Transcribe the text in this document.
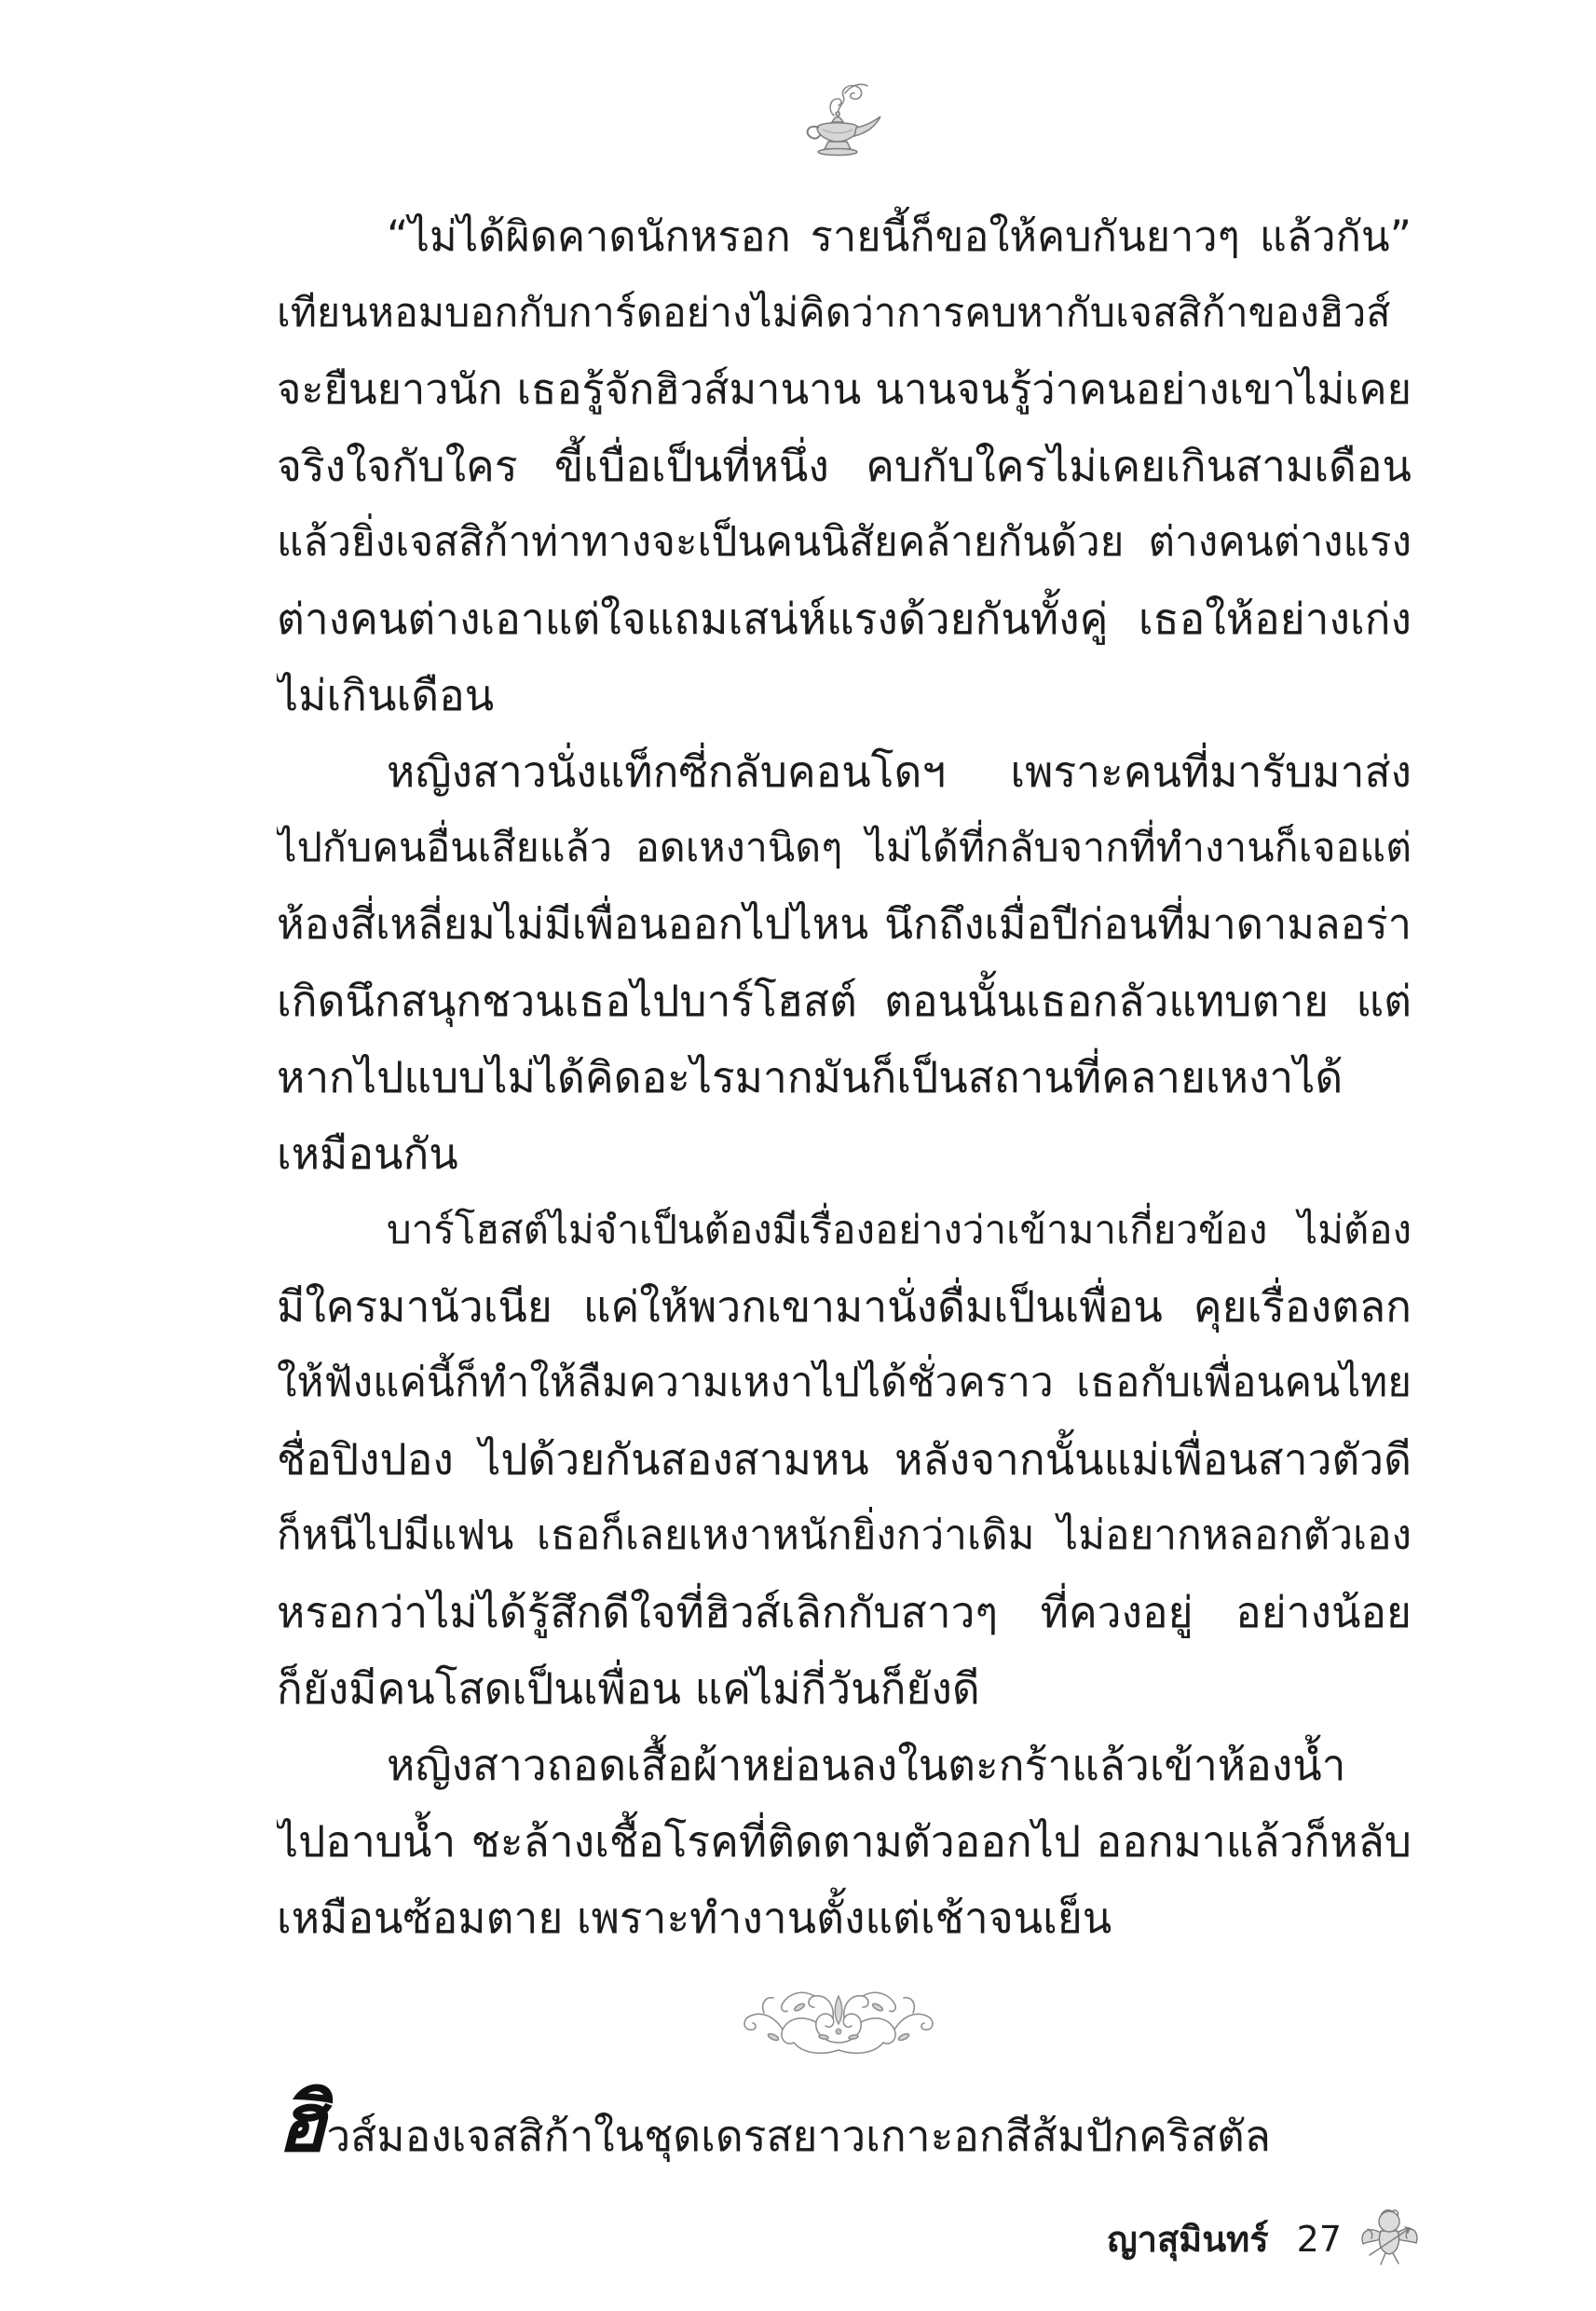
“ไม่ได้ผิดคาดนักหรอก รายนี้ก็ขอให้คบกันยาวๆ แล้วกัน”
เทียนหอมบอกกับการ์ดอย่างไม่คิดว่าการคบหากับเจสสิก้าของฮิวส์
จะยืนยาวนัก เธอรู้จักฮิวส์มานาน นานจนรู้ว่าคนอย่างเขาไม่เคย
จริงใจกับใคร ขี้เบื่อเป็นที่หนึ่ง คบกับใครไม่เคยเกินสามเดือน
แล้วยิ่งเจสสิก้าท่าทางจะเป็นคนนิสัยคล้ายกันด้วย ต่างคนต่างแรง
ต่างคนต่างเอาแต่ใจแถมเสน่ห์แรงด้วยกันทั้งคู่ เธอให้อย่างเก่ง
ไม่เกินเดือน
หญิงสาวนั่งแท็กซี่กลับคอนโดฯ เพราะคนที่มารับมาส่ง
ไปกับคนอื่นเสียแล้ว อดเหงานิดๆ ไม่ได้ที่กลับจากที่ทำงานก็เจอแต่
ห้องสี่เหลี่ยมไม่มีเพื่อนออกไปไหน นึกถึงเมื่อปีก่อนที่มาดามลอร่า
เกิดนึกสนุกชวนเธอไปบาร์โฮสต์ ตอนนั้นเธอกลัวแทบตาย แต่
หากไปแบบไม่ได้คิดอะไรมากมันก็เป็นสถานที่คลายเหงาได้
เหมือนกัน
บาร์โฮสต์ไม่จำเป็นต้องมีเรื่องอย่างว่าเข้ามาเกี่ยวข้อง ไม่ต้อง
มีใครมานัวเนีย แค่ให้พวกเขามานั่งดื่มเป็นเพื่อน คุยเรื่องตลก
ให้ฟังแค่นี้ก็ทำให้ลืมความเหงาไปได้ชั่วคราว เธอกับเพื่อนคนไทย
ชื่อปิงปอง ไปด้วยกันสองสามหน หลังจากนั้นแม่เพื่อนสาวตัวดี
ก็หนีไปมีแฟน เธอก็เลยเหงาหนักยิ่งกว่าเดิม ไม่อยากหลอกตัวเอง
หรอกว่าไม่ได้รู้สึกดีใจที่ฮิวส์เลิกกับสาวๆ ที่ควงอยู่ อย่างน้อย
ก็ยังมีคนโสดเป็นเพื่อน แค่ไม่กี่วันก็ยังดี
หญิงสาวถอดเสื้อผ้าหย่อนลงในตะกร้าแล้วเข้าห้องน้ำ
ไปอาบน้ำ ชะล้างเชื้อโรคที่ติดตามตัวออกไป ออกมาแล้วก็หลับ
เหมือนซ้อมตาย เพราะทำงานตั้งแต่เช้าจนเย็น
ฮิวส์มองเจสสิก้าในชุดเดรสยาวเกาะอกสีส้มปักคริสตัล
ญาสุมินทร์ 27
